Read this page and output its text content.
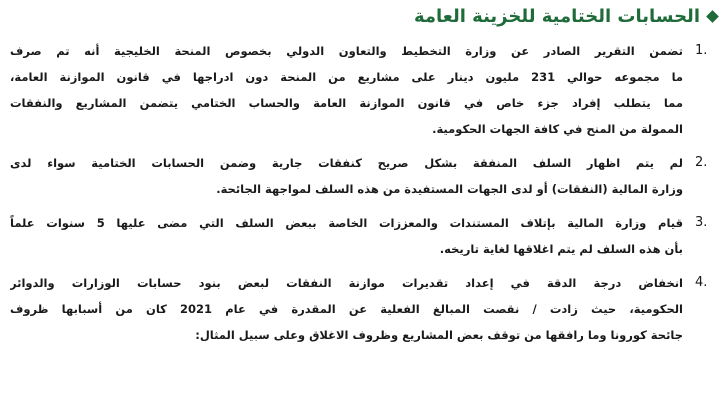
الحسابات الختامية للخزينة العامة
1.
تضمن التقرير الصادر عن وزارة التخطيط والتعاون الدولي بخصوص المنحة الخليجية أنه تم صرف
ما مجموعه حوالي 231 مليون دينار على مشاريع من المنحة دون ادراجها في قانون الموازنة العامة،
مما يتطلب إفراد جزء خاص في قانون الموازنة العامة والحساب الختامي يتضمن المشاريع والنفقات
الممولة من المنح في كافة الجهات الحكومية.
2.
لم يتم اظهار السلف المنفقة بشكل صريح كنفقات جارية وضمن الحسابات الختامية سواء لدى
وزارة المالية (النفقات) أو لدى الجهات المستفيدة من هذه السلف لمواجهة الجائحة.
3.
قيام وزارة المالية بإتلاف المستندات والمعززات الخاصة ببعض السلف التي مضى عليها 5 سنوات علماً
بأن هذه السلف لم يتم اغلاقها لغاية تاريخه.
4.
انخفاض درجة الدقة في إعداد تقديرات موازنة النفقات لبعض بنود حسابات الوزارات والدوائر
الحكومية، حيث زادت / نقصت المبالغ الفعلية عن المقدرة في عام 2021 كان من أسبابها ظروف
جائحة كورونا وما رافقها من توقف بعض المشاريع وظروف الاغلاق وعلى سبيل المثال:
